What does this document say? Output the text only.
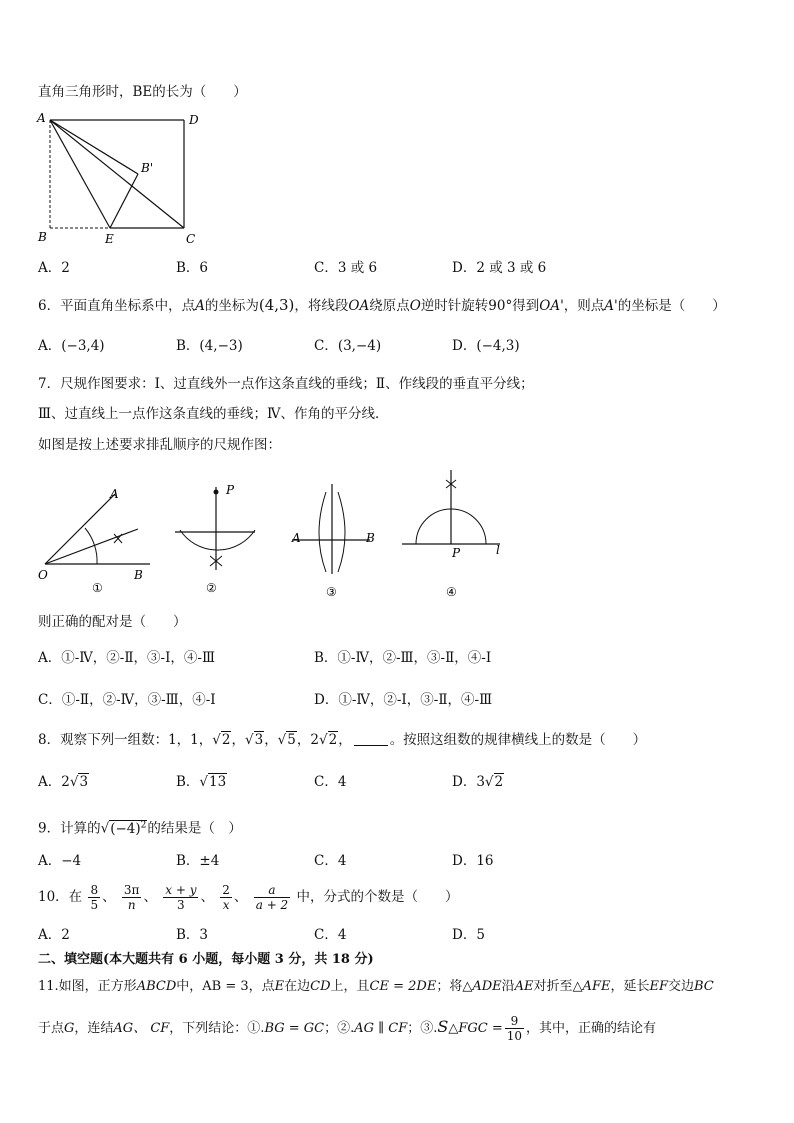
直角三角形时，BE的长为（　　）
A	D
B'
B	E	C
A．2	B．6	C．3 或 6	D．2 或 3 或 6
6．平面直角坐标系中，点A的坐标为(4,3)，将线段OA绕原点O逆时针旋转90°得到OA'，则点A'的坐标是（　　）
A．(−3,4)	B．(4,−3)	C．(3,−4)	D．(−4,3)
7．尺规作图要求：Ⅰ、过直线外一点作这条直线的垂线；Ⅱ、作线段的垂直平分线；
Ⅲ、过直线上一点作这条直线的垂线；Ⅳ、作角的平分线．
如图是按上述要求排乱顺序的尺规作图：
A
O	B
①
P
②
A	B
③
P	l
④
则正确的配对是（　　）
A．①-Ⅳ，②-Ⅱ，③-Ⅰ，④-Ⅲ	B．①-Ⅳ，②-Ⅲ，③-Ⅱ，④-Ⅰ
C．①-Ⅱ，②-Ⅳ，③-Ⅲ，④-Ⅰ	D．①-Ⅳ，②-Ⅰ，③-Ⅱ，④-Ⅲ
8．观察下列一组数：1，1，√2，√3，√5，2√2，	。按照这组数的规律横线上的数是（　　）
A．2√3	B．√13	C．4	D．3√2
9．计算的$√(-4)^2$的结果是（　）
A．−4	B．±4	C．4	D．16
10．在 $\frac{8}{5}$ 、 $\frac{3\pi}{n}$ 、 $\frac{x + y}{3}$ 、 $\frac{2}{x}$ 、 $\frac{a}{a + 2}$ 中，分式的个数是（　　）
A．2	B．3	C．4	D．5
二、填空题(本大题共有 6 小题，每小题 3 分，共 18 分)
11.如图，正方形ABCD中，AB = 3，点E在边CD上，且CE = 2DE；将△ADE沿AE对折至△AFE，延长EF交边BC
于点G，连结AG、 CF，下列结论：①.BG = GC；②.AG ∥ CF；③.S△FGC = $\frac{9}{10}$ ，其中，正确的结论有
